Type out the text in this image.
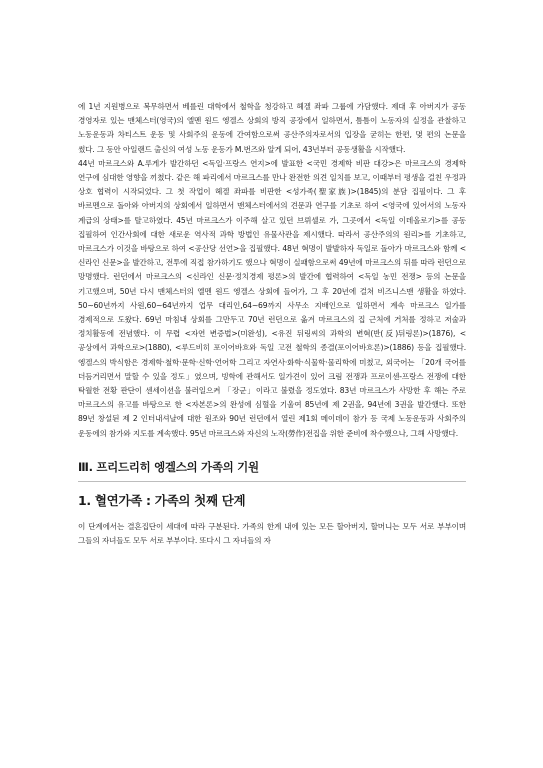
에 1년 지원병으로 복무하면서 베를린 대학에서 철학을 청강하고 헤겔 좌파 그룹에 가담했다. 제대 후 아버지가 공동 경영자로 있는 맨체스터(영국)의 엘멘 원드 엥겔스 상회의 방직 공장에서 일하면서, 틈틈이 노동자의 실정을 관찰하고 노동운동과 차티스트 운동 및 사회주의 운동에 간여함으로써 공산주의자로서의 입장을 굳히는 한편, 몇 편의 논문을 썼다. 그 동안 아일랜드 출신의 여성 노동 운동가 M.번즈와 알게 되어, 43년부터 공동생활을 시작했다.

44년 마르크스와 A.루게가 발간하던 <독일·프랑스 연지>에 발표한 <국민 경제학 비판 대강>은 마르크스의 경제학 연구에 심대한 영향을 끼쳤다. 같은 해 파리에서 마르크스를 만나 완전한 의견 일치를 보고, 이때부터 평생을 걸친 우정과 상호 협력이 시작되었다. 그 첫 작업이 헤겔 좌파를 비판한 <성가족(聖家族)>(1845)의 분담 집필이다. 그 후 바르멘으로 돌아와 아버지의 상회에서 일하면서 맨체스터에서의 견문과 연구를 기초로 하여 <영국에 있어서의 노동자 계급의 상태>를 탈고하였다. 45년 마르크스가 이주해 살고 있던 브뤼셀로 가, 그곳에서 <독일 이데올로기>를 공동 집필하여 인간사회에 대한 새로운 역사적 과학 방법인 유물사관을 제시했다. 따라서 공산주의의 원리>를 기초하고, 마르크스가 이것을 바탕으로 하여 <공산당 선언>을 집필했다. 48년 혁명이 발발하자 독일로 돌아가 마르크스와 함께 <신라인 신문>을 발간하고, 전투에 직접 참가하기도 했으나 혁명이 실패함으로써 49년에 마르크스의 뒤를 따라 런던으로 망명했다. 런던에서 마르크스의 <신라인 신문·정치경제 평론>의 발간에 협력하여 <독일 농민 전쟁> 등의 논문을 기고했으며, 50년 다시 맨체스터의 엘멘 원드 엥겔스 상회에 들어가, 그 후 20년에 걸쳐 비즈니스맨 생활을 하였다. 50~60년까지 사원,60~64년까지 업무 대리인,64~69까지 사무소 지배인으로 일하면서 계속 마르크스 일가를 경제적으로 도왔다. 69년 마침내 상회를 그만두고 70년 런던으로 옮겨 마르크스의 집 근처에 거처를 정하고 저술과 정치활동에 전념했다. 이 무렵 <자연 변증법>(미완성), <유진 뒤링씨의 과학의 변혁(반(反)뒤링론)>(1876), <공상에서 과학으로>(1880), <루드비히 포이어바흐와 독일 고전 철학의 종결(포이어바흐론)>(1886) 등을 집필했다. 엥겔스의 박식함은 경제학·철학·문학·신학·언어학 그리고 자연사·화학·식물학·물리학에 미쳤고, 외국어는 「20개 국어를 더듬거리면서 말할 수 있을 정도」였으며, 빙학에 관해서도 일가견이 있어 크림 전쟁과 프로이센-프랑스 전쟁에 대한 탁월한 전황 판단이 센세이션을 불러일으켜 「장군」이라고 불렸을 정도였다. 83년 마르크스가 사망한 후 해는 주로 마르크스의 유고를 바탕으로 한 <자본론>의 완성에 심혈을 기울여 85년에 제 2권을, 94년에 3권을 발간했다. 또한 89년 창설된 제 2 인터내셔날에 대한 원조와 90년 런던에서 열린 제1회 메이데이 참가 등 국제 노동운동과 사회주의 운동에의 참가와 지도를 계속했다. 95년 마르크스와 자신의 노작(勞作)전집을 위한 준비에 착수했으나, 그해 사망했다.

Ⅲ. 프리드리히 엥겔스의 가족의 기원
1. 혈연가족 : 가족의 첫째 단계

이 단계에서는 결혼집단이 세대에 따라 구분된다. 가족의 한계 내에 있는 모든 할아버지, 할머니는 모두 서로 부부이며 그들의 자녀들도 모두 서로 부부이다. 또다시 그 자녀들의 자
